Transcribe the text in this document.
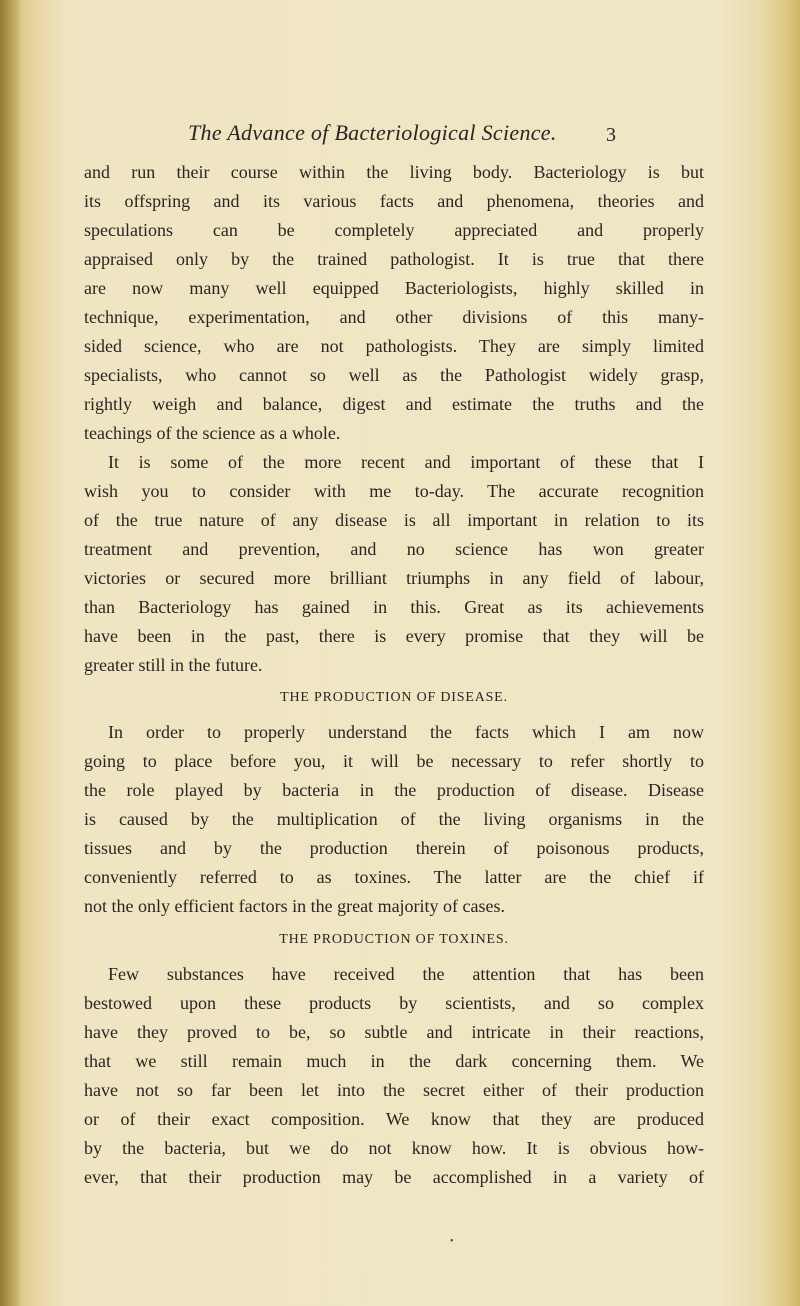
The Advance of Bacteriological Science. 3
and run their course within the living body. Bacteriology is but
its offspring and its various facts and phenomena, theories and
speculations can be completely appreciated and properly
appraised only by the trained pathologist. It is true that there
are now many well equipped Bacteriologists, highly skilled in
technique, experimentation, and other divisions of this many-
sided science, who are not pathologists. They are simply limited
specialists, who cannot so well as the Pathologist widely grasp,
rightly weigh and balance, digest and estimate the truths and the
teachings of the science as a whole.
It is some of the more recent and important of these that I
wish you to consider with me to-day. The accurate recognition
of the true nature of any disease is all important in relation to its
treatment and prevention, and no science has won greater
victories or secured more brilliant triumphs in any field of labour,
than Bacteriology has gained in this. Great as its achievements
have been in the past, there is every promise that they will be
greater still in the future.
THE PRODUCTION OF DISEASE.
In order to properly understand the facts which I am now
going to place before you, it will be necessary to refer shortly to
the role played by bacteria in the production of disease. Disease
is caused by the multiplication of the living organisms in the
tissues and by the production therein of poisonous products,
conveniently referred to as toxines. The latter are the chief if
not the only efficient factors in the great majority of cases.
THE PRODUCTION OF TOXINES.
Few substances have received the attention that has been
bestowed upon these products by scientists, and so complex
have they proved to be, so subtle and intricate in their reactions,
that we still remain much in the dark concerning them. We
have not so far been let into the secret either of their production
or of their exact composition. We know that they are produced
by the bacteria, but we do not know how. It is obvious how-
ever, that their production may be accomplished in a variety of
•
